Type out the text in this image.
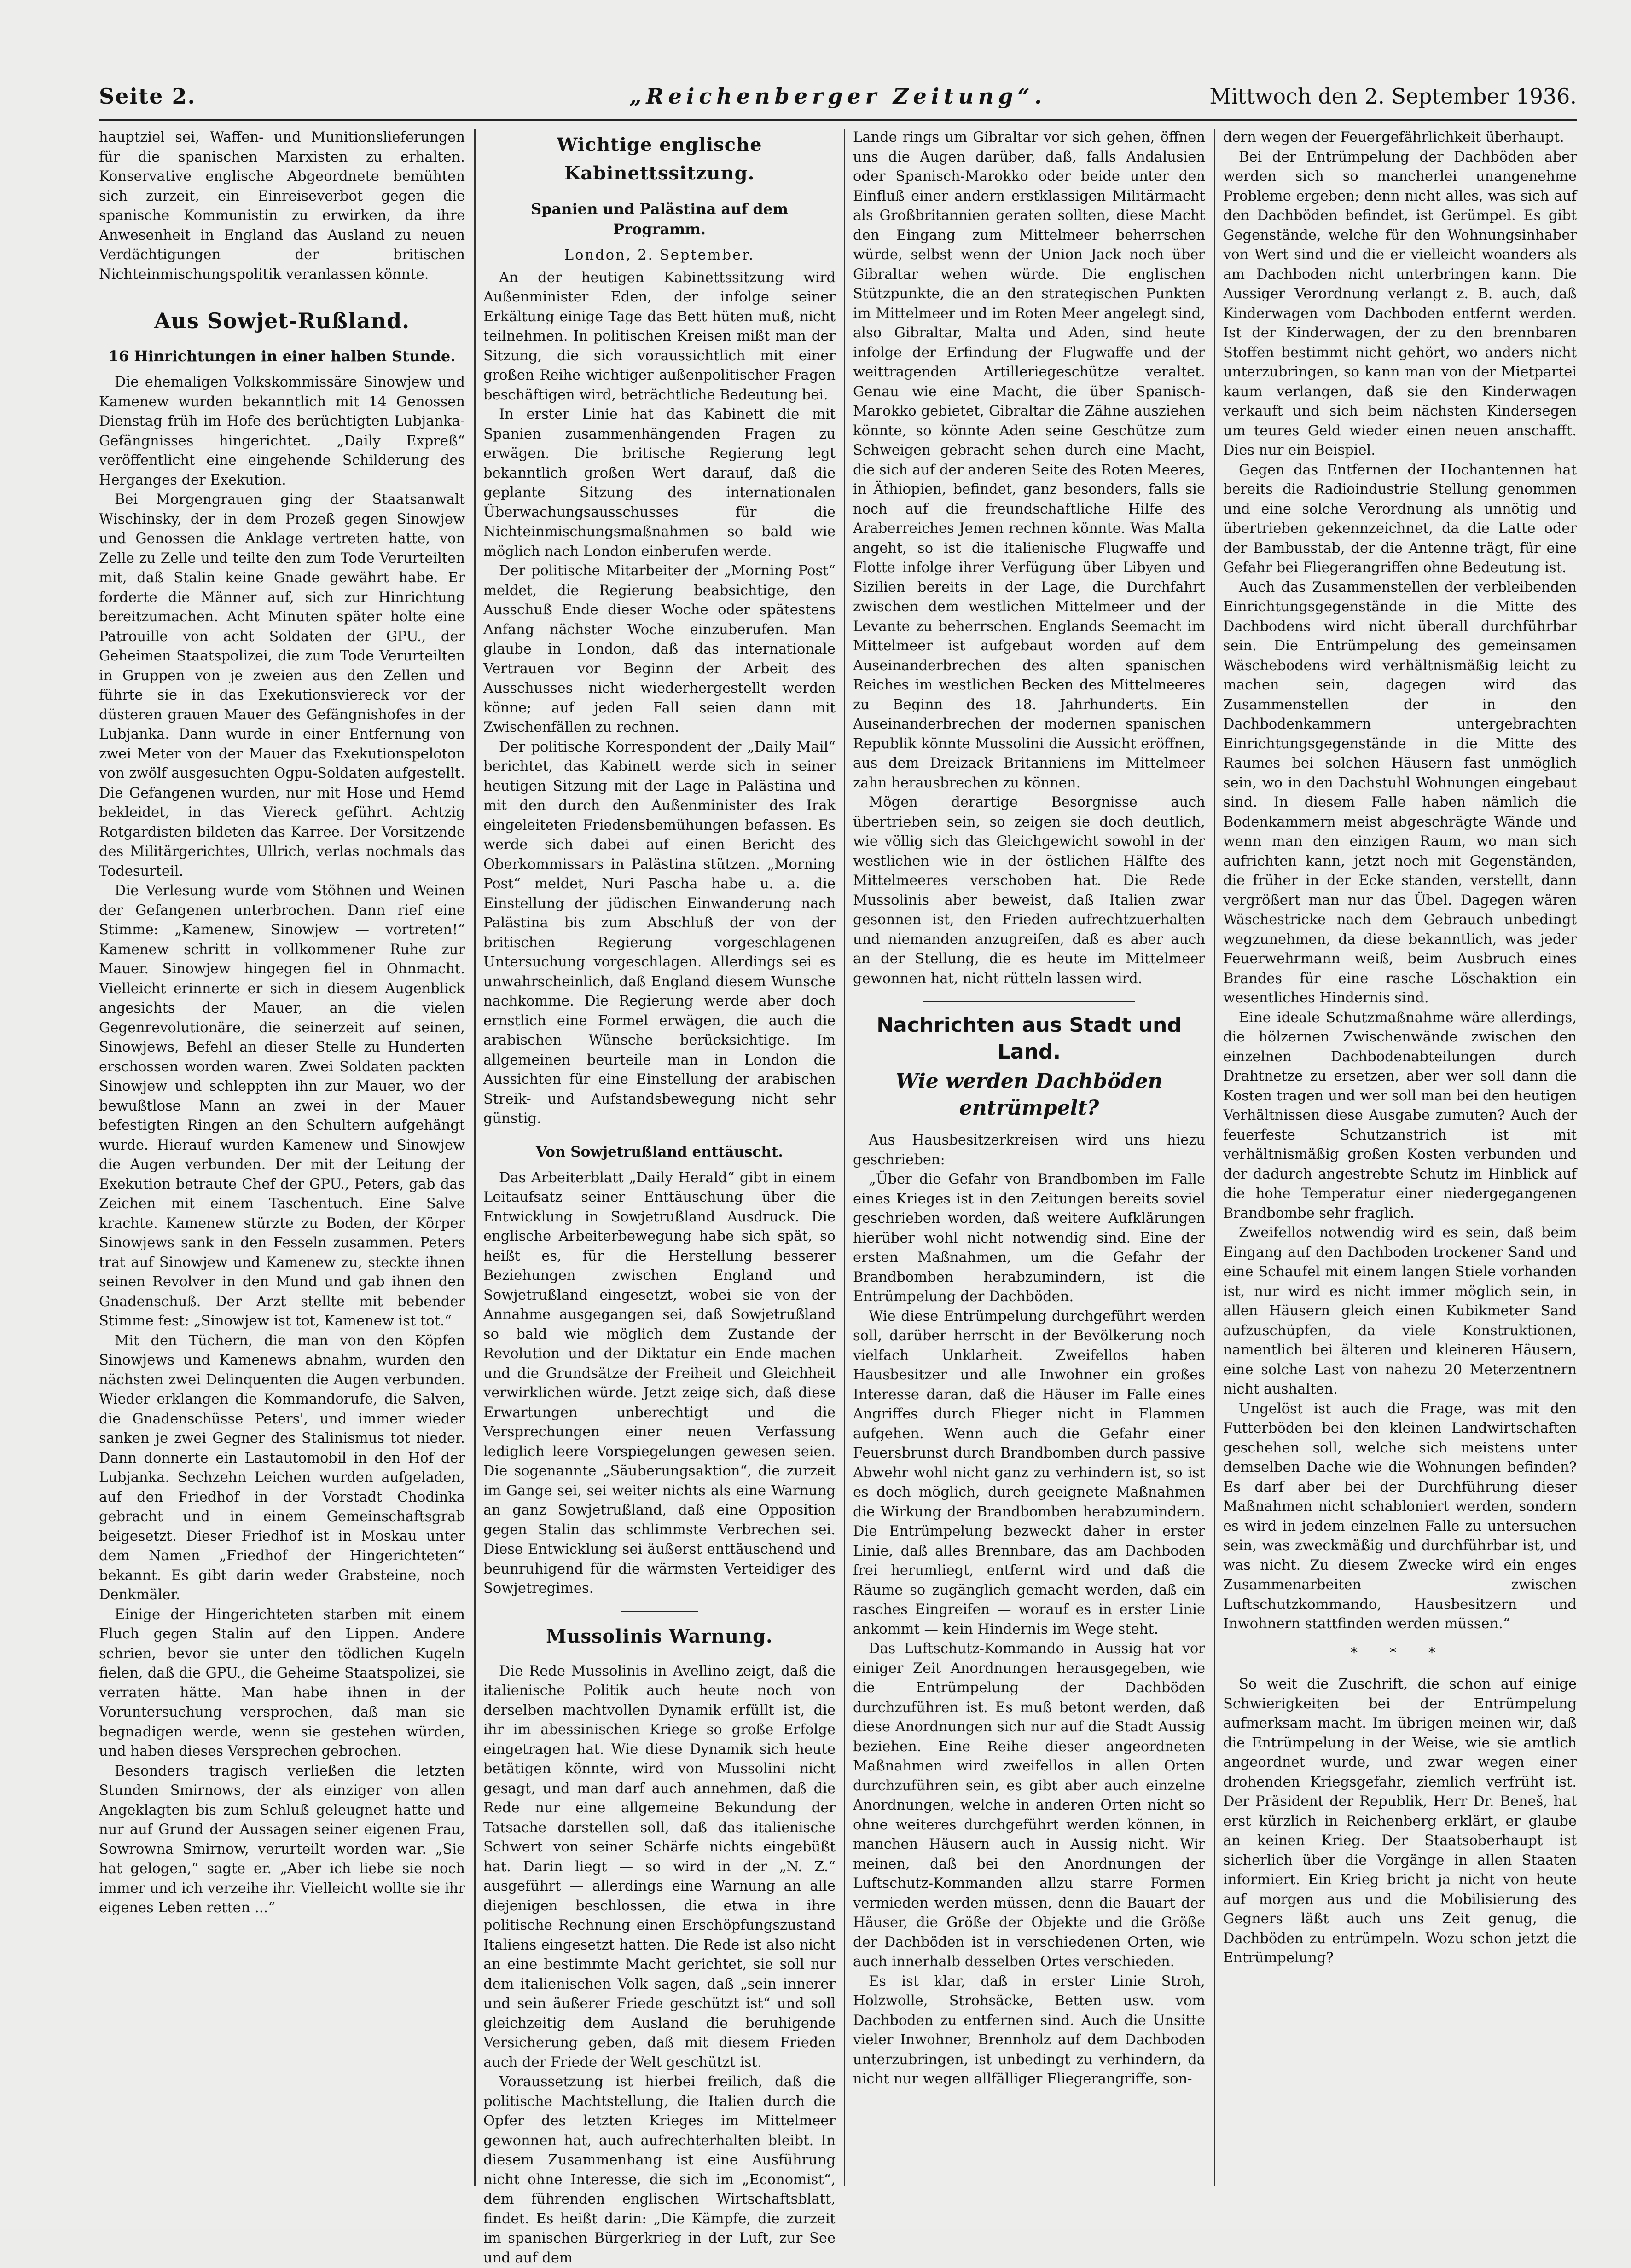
Seite 2.	„Reichenberger Zeitung“.	Mittwoch den 2. September 1936.

hauptziel sei, Waffen- und Munitionslieferungen für die spanischen Marxisten zu erhalten. Konservative englische Abgeordnete bemühten sich zurzeit, ein Einreiseverbot gegen die spanische Kommunistin zu erwirken, da ihre Anwesenheit in England das Ausland zu neuen Verdächtigungen der britischen Nichteinmischungspolitik veranlassen könnte.

Aus Sowjet-Rußland.
16 Hinrichtungen in einer halben Stunde.

Die ehemaligen Volkskommissäre Sinowjew und Kamenew wurden bekanntlich mit 14 Genossen Dienstag früh im Hofe des berüchtigten Lubjanka-Gefängnisses hingerichtet. „Daily Expreß“ veröffentlicht eine eingehende Schilderung des Herganges der Exekution.

Bei Morgengrauen ging der Staatsanwalt Wischinsky, der in dem Prozeß gegen Sinowjew und Genossen die Anklage vertreten hatte, von Zelle zu Zelle und teilte den zum Tode Verurteilten mit, daß Stalin keine Gnade gewährt habe. Er forderte die Männer auf, sich zur Hinrichtung bereitzumachen. Acht Minuten später holte eine Patrouille von acht Soldaten der GPU., der Geheimen Staatspolizei, die zum Tode Verurteilten in Gruppen von je zweien aus den Zellen und führte sie in das Exekutionsviereck vor der düsteren grauen Mauer des Gefängnishofes in der Lubjanka. Dann wurde in einer Entfernung von zwei Meter von der Mauer das Exekutionspeloton von zwölf ausgesuchten Ogpu-Soldaten aufgestellt. Die Gefangenen wurden, nur mit Hose und Hemd bekleidet, in das Viereck geführt. Achtzig Rotgardisten bildeten das Karree. Der Vorsitzende des Militärgerichtes, Ullrich, verlas nochmals das Todesurteil.

Die Verlesung wurde vom Stöhnen und Weinen der Gefangenen unterbrochen. Dann rief eine Stimme: „Kamenew, Sinowjew — vortreten!“ Kamenew schritt in vollkommener Ruhe zur Mauer. Sinowjew hingegen fiel in Ohnmacht. Vielleicht erinnerte er sich in diesem Augenblick angesichts der Mauer, an die vielen Gegenrevolutionäre, die seinerzeit auf seinen, Sinowjews, Befehl an dieser Stelle zu Hunderten erschossen worden waren. Zwei Soldaten packten Sinowjew und schleppten ihn zur Mauer, wo der bewußtlose Mann an zwei in der Mauer befestigten Ringen an den Schultern aufgehängt wurde. Hierauf wurden Kamenew und Sinowjew die Augen verbunden. Der mit der Leitung der Exekution betraute Chef der GPU., Peters, gab das Zeichen mit einem Taschentuch. Eine Salve krachte. Kamenew stürzte zu Boden, der Körper Sinowjews sank in den Fesseln zusammen. Peters trat auf Sinowjew und Kamenew zu, steckte ihnen seinen Revolver in den Mund und gab ihnen den Gnadenschuß. Der Arzt stellte mit bebender Stimme fest: „Sinowjew ist tot, Kamenew ist tot.“

Mit den Tüchern, die man von den Köpfen Sinowjews und Kamenews abnahm, wurden den nächsten zwei Delinquenten die Augen verbunden. Wieder erklangen die Kommandorufe, die Salven, die Gnadenschüsse Peters', und immer wieder sanken je zwei Gegner des Stalinismus tot nieder. Dann donnerte ein Lastautomobil in den Hof der Lubjanka. Sechzehn Leichen wurden aufgeladen, auf den Friedhof in der Vorstadt Chodinka gebracht und in einem Gemeinschaftsgrab beigesetzt. Dieser Friedhof ist in Moskau unter dem Namen „Friedhof der Hingerichteten“ bekannt. Es gibt darin weder Grabsteine, noch Denkmäler.

Einige der Hingerichteten starben mit einem Fluch gegen Stalin auf den Lippen. Andere schrien, bevor sie unter den tödlichen Kugeln fielen, daß die GPU., die Geheime Staatspolizei, sie verraten hätte. Man habe ihnen in der Voruntersuchung versprochen, daß man sie begnadigen werde, wenn sie gestehen würden, und haben dieses Versprechen gebrochen.

Besonders tragisch verließen die letzten Stunden Smirnows, der als einziger von allen Angeklagten bis zum Schluß geleugnet hatte und nur auf Grund der Aussagen seiner eigenen Frau, Sowrowna Smirnow, verurteilt worden war. „Sie hat gelogen,“ sagte er. „Aber ich liebe sie noch immer und ich verzeihe ihr. Vielleicht wollte sie ihr eigenes Leben retten ...“

Wichtige englische Kabinettssitzung.
Spanien und Palästina auf dem Programm.
London, 2. September.

An der heutigen Kabinettssitzung wird Außenminister Eden, der infolge seiner Erkältung einige Tage das Bett hüten muß, nicht teilnehmen. In politischen Kreisen mißt man der Sitzung, die sich voraussichtlich mit einer großen Reihe wichtiger außenpolitischer Fragen beschäftigen wird, beträchtliche Bedeutung bei.

In erster Linie hat das Kabinett die mit Spanien zusammenhängenden Fragen zu erwägen. Die britische Regierung legt bekanntlich großen Wert darauf, daß die geplante Sitzung des internationalen Überwachungsausschusses für die Nichteinmischungsmaßnahmen so bald wie möglich nach London einberufen werde.

Der politische Mitarbeiter der „Morning Post“ meldet, die Regierung beabsichtige, den Ausschuß Ende dieser Woche oder spätestens Anfang nächster Woche einzuberufen. Man glaube in London, daß das internationale Vertrauen vor Beginn der Arbeit des Ausschusses nicht wiederhergestellt werden könne; auf jeden Fall seien dann mit Zwischenfällen zu rechnen.

Der politische Korrespondent der „Daily Mail“ berichtet, das Kabinett werde sich in seiner heutigen Sitzung mit der Lage in Palästina und mit den durch den Außenminister des Irak eingeleiteten Friedensbemühungen befassen. Es werde sich dabei auf einen Bericht des Oberkommissars in Palästina stützen. „Morning Post“ meldet, Nuri Pascha habe u. a. die Einstellung der jüdischen Einwanderung nach Palästina bis zum Abschluß der von der britischen Regierung vorgeschlagenen Untersuchung vorgeschlagen. Allerdings sei es unwahrscheinlich, daß England diesem Wunsche nachkomme. Die Regierung werde aber doch ernstlich eine Formel erwägen, die auch die arabischen Wünsche berücksichtige. Im allgemeinen beurteile man in London die Aussichten für eine Einstellung der arabischen Streik- und Aufstandsbewegung nicht sehr günstig.

Von Sowjetrußland enttäuscht.

Das Arbeiterblatt „Daily Herald“ gibt in einem Leitaufsatz seiner Enttäuschung über die Entwicklung in Sowjetrußland Ausdruck. Die englische Arbeiterbewegung habe sich spät, so heißt es, für die Herstellung besserer Beziehungen zwischen England und Sowjetrußland eingesetzt, wobei sie von der Annahme ausgegangen sei, daß Sowjetrußland so bald wie möglich dem Zustande der Revolution und der Diktatur ein Ende machen und die Grundsätze der Freiheit und Gleichheit verwirklichen würde. Jetzt zeige sich, daß diese Erwartungen unberechtigt und die Versprechungen einer neuen Verfassung lediglich leere Vorspiegelungen gewesen seien. Die sogenannte „Säuberungsaktion“, die zurzeit im Gange sei, sei weiter nichts als eine Warnung an ganz Sowjetrußland, daß eine Opposition gegen Stalin das schlimmste Verbrechen sei. Diese Entwicklung sei äußerst enttäuschend und beunruhigend für die wärmsten Verteidiger des Sowjetregimes.

Mussolinis Warnung.

Die Rede Mussolinis in Avellino zeigt, daß die italienische Politik auch heute noch von derselben machtvollen Dynamik erfüllt ist, die ihr im abessinischen Kriege so große Erfolge eingetragen hat. Wie diese Dynamik sich heute betätigen könnte, wird von Mussolini nicht gesagt, und man darf auch annehmen, daß die Rede nur eine allgemeine Bekundung der Tatsache darstellen soll, daß das italienische Schwert von seiner Schärfe nichts eingebüßt hat. Darin liegt — so wird in der „N. Z.“ ausgeführt — allerdings eine Warnung an alle diejenigen beschlossen, die etwa in ihre politische Rechnung einen Erschöpfungszustand Italiens eingesetzt hatten. Die Rede ist also nicht an eine bestimmte Macht gerichtet, sie soll nur dem italienischen Volk sagen, daß „sein innerer und sein äußerer Friede geschützt ist“ und soll gleichzeitig dem Ausland die beruhigende Versicherung geben, daß mit diesem Frieden auch der Friede der Welt geschützt ist.

Voraussetzung ist hierbei freilich, daß die politische Machtstellung, die Italien durch die Opfer des letzten Krieges im Mittelmeer gewonnen hat, auch aufrechterhalten bleibt. In diesem Zusammenhang ist eine Ausführung nicht ohne Interesse, die sich im „Economist“, dem führenden englischen Wirtschaftsblatt, findet. Es heißt darin: „Die Kämpfe, die zurzeit im spanischen Bürgerkrieg in der Luft, zur See und auf dem

Lande rings um Gibraltar vor sich gehen, öffnen uns die Augen darüber, daß, falls Andalusien oder Spanisch-Marokko oder beide unter den Einfluß einer andern erstklassigen Militärmacht als Großbritannien geraten sollten, diese Macht den Eingang zum Mittelmeer beherrschen würde, selbst wenn der Union Jack noch über Gibraltar wehen würde. Die englischen Stützpunkte, die an den strategischen Punkten im Mittelmeer und im Roten Meer angelegt sind, also Gibraltar, Malta und Aden, sind heute infolge der Erfindung der Flugwaffe und der weittragenden Artilleriegeschütze veraltet. Genau wie eine Macht, die über Spanisch-Marokko gebietet, Gibraltar die Zähne ausziehen könnte, so könnte Aden seine Geschütze zum Schweigen gebracht sehen durch eine Macht, die sich auf der anderen Seite des Roten Meeres, in Äthiopien, befindet, ganz besonders, falls sie noch auf die freundschaftliche Hilfe des Araberreiches Jemen rechnen könnte. Was Malta angeht, so ist die italienische Flugwaffe und Flotte infolge ihrer Verfügung über Libyen und Sizilien bereits in der Lage, die Durchfahrt zwischen dem westlichen Mittelmeer und der Levante zu beherrschen. Englands Seemacht im Mittelmeer ist aufgebaut worden auf dem Auseinanderbrechen des alten spanischen Reiches im westlichen Becken des Mittelmeeres zu Beginn des 18. Jahrhunderts. Ein Auseinanderbrechen der modernen spanischen Republik könnte Mussolini die Aussicht eröffnen, aus dem Dreizack Britanniens im Mittelmeer zahn herausbrechen zu können.

Mögen derartige Besorgnisse auch übertrieben sein, so zeigen sie doch deutlich, wie völlig sich das Gleichgewicht sowohl in der westlichen wie in der östlichen Hälfte des Mittelmeeres verschoben hat. Die Rede Mussolinis aber beweist, daß Italien zwar gesonnen ist, den Frieden aufrechtzuerhalten und niemanden anzugreifen, daß es aber auch an der Stellung, die es heute im Mittelmeer gewonnen hat, nicht rütteln lassen wird.

Nachrichten aus Stadt und Land.
Wie werden Dachböden entrümpelt?

Aus Hausbesitzerkreisen wird uns hiezu geschrieben:

„Über die Gefahr von Brandbomben im Falle eines Krieges ist in den Zeitungen bereits soviel geschrieben worden, daß weitere Aufklärungen hierüber wohl nicht notwendig sind. Eine der ersten Maßnahmen, um die Gefahr der Brandbomben herabzumindern, ist die Entrümpelung der Dachböden.

Wie diese Entrümpelung durchgeführt werden soll, darüber herrscht in der Bevölkerung noch vielfach Unklarheit. Zweifellos haben Hausbesitzer und alle Inwohner ein großes Interesse daran, daß die Häuser im Falle eines Angriffes durch Flieger nicht in Flammen aufgehen. Wenn auch die Gefahr einer Feuersbrunst durch Brandbomben durch passive Abwehr wohl nicht ganz zu verhindern ist, so ist es doch möglich, durch geeignete Maßnahmen die Wirkung der Brandbomben herabzumindern. Die Entrümpelung bezweckt daher in erster Linie, daß alles Brennbare, das am Dachboden frei herumliegt, entfernt wird und daß die Räume so zugänglich gemacht werden, daß ein rasches Eingreifen — worauf es in erster Linie ankommt — kein Hindernis im Wege steht.

Das Luftschutz-Kommando in Aussig hat vor einiger Zeit Anordnungen herausgegeben, wie die Entrümpelung der Dachböden durchzuführen ist. Es muß betont werden, daß diese Anordnungen sich nur auf die Stadt Aussig beziehen. Eine Reihe dieser angeordneten Maßnahmen wird zweifellos in allen Orten durchzuführen sein, es gibt aber auch einzelne Anordnungen, welche in anderen Orten nicht so ohne weiteres durchgeführt werden können, in manchen Häusern auch in Aussig nicht. Wir meinen, daß bei den Anordnungen der Luftschutz-Kommanden allzu starre Formen vermieden werden müssen, denn die Bauart der Häuser, die Größe der Objekte und die Größe der Dachböden ist in verschiedenen Orten, wie auch innerhalb desselben Ortes verschieden.

Es ist klar, daß in erster Linie Stroh, Holzwolle, Strohsäcke, Betten usw. vom Dachboden zu entfernen sind. Auch die Unsitte vieler Inwohner, Brennholz auf dem Dachboden unterzubringen, ist unbedingt zu verhindern, da nicht nur wegen allfälliger Fliegerangriffe, son-

dern wegen der Feuergefährlichkeit überhaupt.

Bei der Entrümpelung der Dachböden aber werden sich so mancherlei unangenehme Probleme ergeben; denn nicht alles, was sich auf den Dachböden befindet, ist Gerümpel. Es gibt Gegenstände, welche für den Wohnungsinhaber von Wert sind und die er vielleicht woanders als am Dachboden nicht unterbringen kann. Die Aussiger Verordnung verlangt z. B. auch, daß Kinderwagen vom Dachboden entfernt werden. Ist der Kinderwagen, der zu den brennbaren Stoffen bestimmt nicht gehört, wo anders nicht unterzubringen, so kann man von der Mietpartei kaum verlangen, daß sie den Kinderwagen verkauft und sich beim nächsten Kindersegen um teures Geld wieder einen neuen anschafft. Dies nur ein Beispiel.

Gegen das Entfernen der Hochantennen hat bereits die Radioindustrie Stellung genommen und eine solche Verordnung als unnötig und übertrieben gekennzeichnet, da die Latte oder der Bambusstab, der die Antenne trägt, für eine Gefahr bei Fliegerangriffen ohne Bedeutung ist.

Auch das Zusammenstellen der verbleibenden Einrichtungsgegenstände in die Mitte des Dachbodens wird nicht überall durchführbar sein. Die Entrümpelung des gemeinsamen Wäschebodens wird verhältnismäßig leicht zu machen sein, dagegen wird das Zusammenstellen der in den Dachbodenkammern untergebrachten Einrichtungsgegenstände in die Mitte des Raumes bei solchen Häusern fast unmöglich sein, wo in den Dachstuhl Wohnungen eingebaut sind. In diesem Falle haben nämlich die Bodenkammern meist abgeschrägte Wände und wenn man den einzigen Raum, wo man sich aufrichten kann, jetzt noch mit Gegenständen, die früher in der Ecke standen, verstellt, dann vergrößert man nur das Übel. Dagegen wären Wäschestricke nach dem Gebrauch unbedingt wegzunehmen, da diese bekanntlich, was jeder Feuerwehrmann weiß, beim Ausbruch eines Brandes für eine rasche Löschaktion ein wesentliches Hindernis sind.

Eine ideale Schutzmaßnahme wäre allerdings, die hölzernen Zwischenwände zwischen den einzelnen Dachbodenabteilungen durch Drahtnetze zu ersetzen, aber wer soll dann die Kosten tragen und wer soll man bei den heutigen Verhältnissen diese Ausgabe zumuten? Auch der feuerfeste Schutzanstrich ist mit verhältnismäßig großen Kosten verbunden und der dadurch angestrebte Schutz im Hinblick auf die hohe Temperatur einer niedergegangenen Brandbombe sehr fraglich.

Zweifellos notwendig wird es sein, daß beim Eingang auf den Dachboden trockener Sand und eine Schaufel mit einem langen Stiele vorhanden ist, nur wird es nicht immer möglich sein, in allen Häusern gleich einen Kubikmeter Sand aufzuschüpfen, da viele Konstruktionen, namentlich bei älteren und kleineren Häusern, eine solche Last von nahezu 20 Meterzentnern nicht aushalten.

Ungelöst ist auch die Frage, was mit den Futterböden bei den kleinen Landwirtschaften geschehen soll, welche sich meistens unter demselben Dache wie die Wohnungen befinden? Es darf aber bei der Durchführung dieser Maßnahmen nicht schabloniert werden, sondern es wird in jedem einzelnen Falle zu untersuchen sein, was zweckmäßig und durchführbar ist, und was nicht. Zu diesem Zwecke wird ein enges Zusammenarbeiten zwischen Luftschutzkommando, Hausbesitzern und Inwohnern stattfinden werden müssen.“

* * *

So weit die Zuschrift, die schon auf einige Schwierigkeiten bei der Entrümpelung aufmerksam macht. Im übrigen meinen wir, daß die Entrümpelung in der Weise, wie sie amtlich angeordnet wurde, und zwar wegen einer drohenden Kriegsgefahr, ziemlich verfrüht ist. Der Präsident der Republik, Herr Dr. Beneš, hat erst kürzlich in Reichenberg erklärt, er glaube an keinen Krieg. Der Staatsoberhaupt ist sicherlich über die Vorgänge in allen Staaten informiert. Ein Krieg bricht ja nicht von heute auf morgen aus und die Mobilisierung des Gegners läßt auch uns Zeit genug, die Dachböden zu entrümpeln. Wozu schon jetzt die Entrümpelung?
